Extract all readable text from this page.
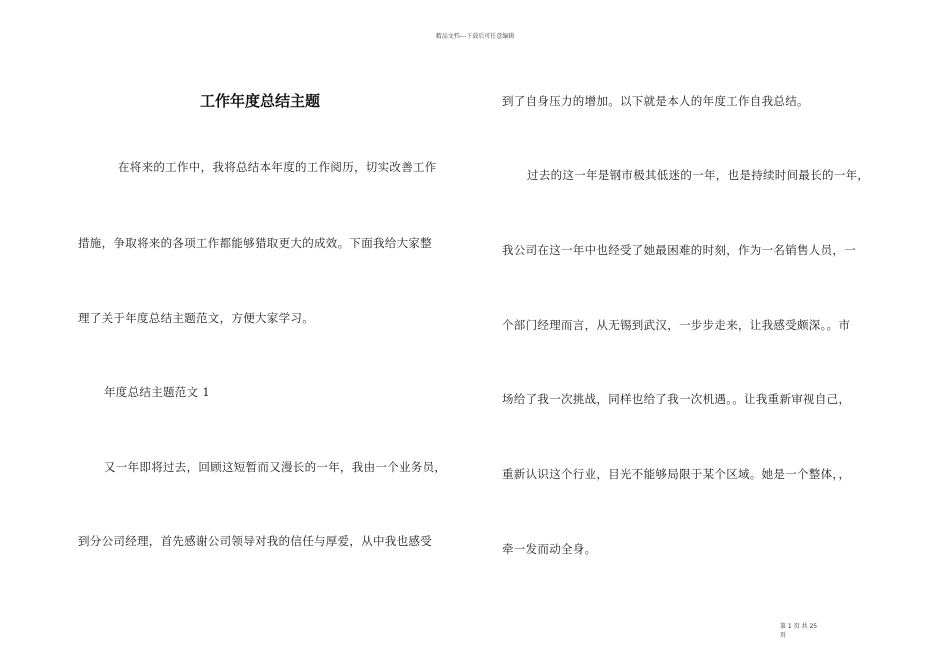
精品文档---下载后可任意编辑
工作年度总结主题
在将来的工作中，我将总结本年度的工作阅历，切实改善工作
措施，争取将来的各项工作都能够猎取更大的成效。下面我给大家整
理了关于年度总结主题范文，方便大家学习。
年度总结主题范文 1
又一年即将过去，回顾这短暂而又漫长的一年，我由一个业务员，
到分公司经理，首先感谢公司领导对我的信任与厚爱，从中我也感受
到了自身压力的增加。以下就是本人的年度工作自我总结。
过去的这一年是钢市极其低迷的一年，也是持续时间最长的一年，
我公司在这一年中也经受了她最困难的时刻，作为一名销售人员，一
个部门经理而言，从无锡到武汉，一步步走来，让我感受颇深。。市
场给了我一次挑战，同样也给了我一次机遇。。让我重新审视自己，
重新认识这个行业，目光不能够局限于某个区域。她是一个整体，，
牵一发而动全身。
第 1 页 共 25
页
